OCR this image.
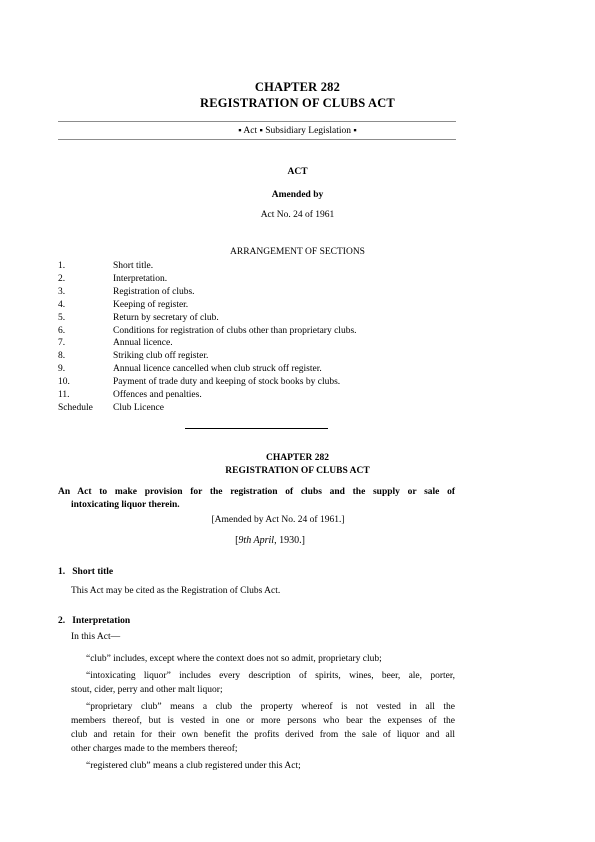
CHAPTER 282
REGISTRATION OF CLUBS ACT
▪ Act ▪ Subsidiary Legislation ▪
ACT
Amended by
Act No. 24 of 1961
ARRANGEMENT OF SECTIONS
1.	Short title.
2.	Interpretation.
3.	Registration of clubs.
4.	Keeping of register.
5.	Return by secretary of club.
6.	Conditions for registration of clubs other than proprietary clubs.
7.	Annual licence.
8.	Striking club off register.
9.	Annual licence cancelled when club struck off register.
10.	Payment of trade duty and keeping of stock books by clubs.
11.	Offences and penalties.
Schedule Club Licence
CHAPTER 282
REGISTRATION OF CLUBS ACT
An Act to make provision for the registration of clubs and the supply or sale of
intoxicating liquor therein.
[Amended by Act No. 24 of 1961.]
[9th April, 1930.]
1.   Short title
This Act may be cited as the Registration of Clubs Act.
2.   Interpretation
In this Act—
“club” includes, except where the context does not so admit, proprietary club;
“intoxicating liquor” includes every description of spirits, wines, beer, ale, porter,
stout, cider, perry and other malt liquor;
“proprietary club” means a club the property whereof is not vested in all the
members thereof, but is vested in one or more persons who bear the expenses of the
club and retain for their own benefit the profits derived from the sale of liquor and all
other charges made to the members thereof;
“registered club” means a club registered under this Act;
